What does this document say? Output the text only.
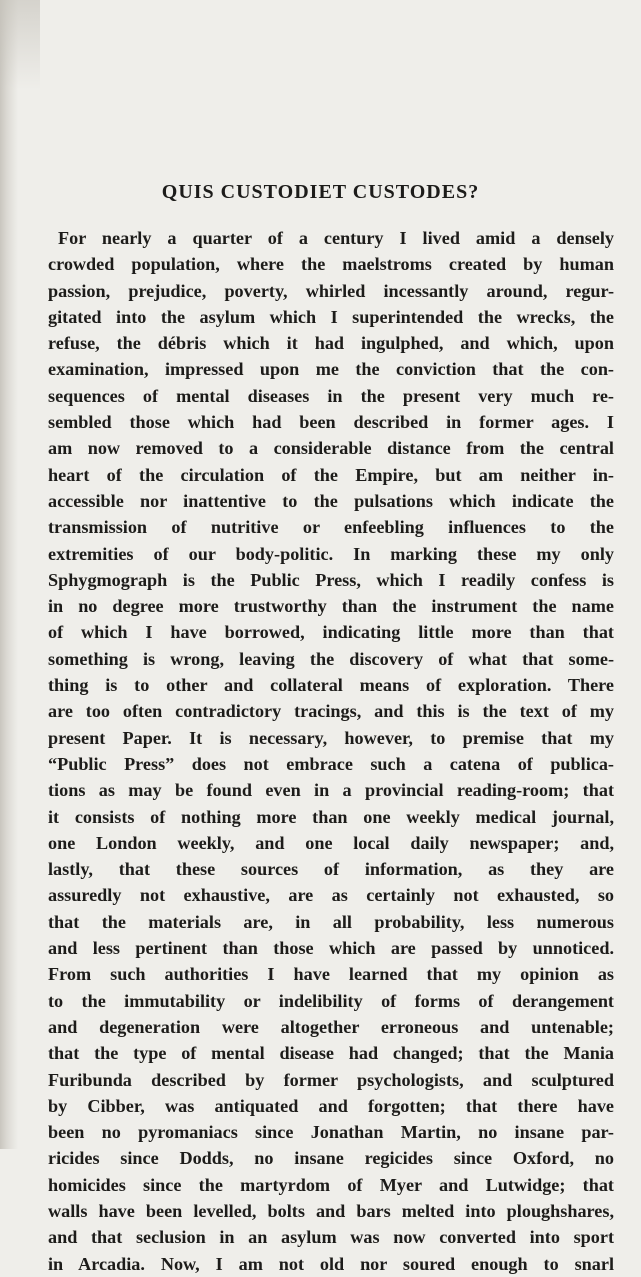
QUIS CUSTODIET CUSTODES?
For nearly a quarter of a century I lived amid a densely
crowded population, where the maelstroms created by human
passion, prejudice, poverty, whirled incessantly around, regur-
gitated into the asylum which I superintended the wrecks, the
refuse, the débris which it had ingulphed, and which, upon
examination, impressed upon me the conviction that the con-
sequences of mental diseases in the present very much re-
sembled those which had been described in former ages. I
am now removed to a considerable distance from the central
heart of the circulation of the Empire, but am neither in-
accessible nor inattentive to the pulsations which indicate the
transmission of nutritive or enfeebling influences to the
extremities of our body-politic. In marking these my only
Sphygmograph is the Public Press, which I readily confess is
in no degree more trustworthy than the instrument the name
of which I have borrowed, indicating little more than that
something is wrong, leaving the discovery of what that some-
thing is to other and collateral means of exploration. There
are too often contradictory tracings, and this is the text of my
present Paper. It is necessary, however, to premise that my
“Public Press” does not embrace such a catena of publica-
tions as may be found even in a provincial reading-room; that
it consists of nothing more than one weekly medical journal,
one London weekly, and one local daily newspaper; and,
lastly, that these sources of information, as they are
assuredly not exhaustive, are as certainly not exhausted, so
that the materials are, in all probability, less numerous
and less pertinent than those which are passed by unnoticed.
From such authorities I have learned that my opinion as
to the immutability or indelibility of forms of derangement
and degeneration were altogether erroneous and untenable;
that the type of mental disease had changed; that the Mania
Furibunda described by former psychologists, and sculptured
by Cibber, was antiquated and forgotten; that there have
been no pyromaniacs since Jonathan Martin, no insane par-
ricides since Dodds, no insane regicides since Oxford, no
homicides since the martyrdom of Myer and Lutwidge; that
walls have been levelled, bolts and bars melted into ploughshares,
and that seclusion in an asylum was now converted into sport
in Arcadia. Now, I am not old nor soured enough to snarl
